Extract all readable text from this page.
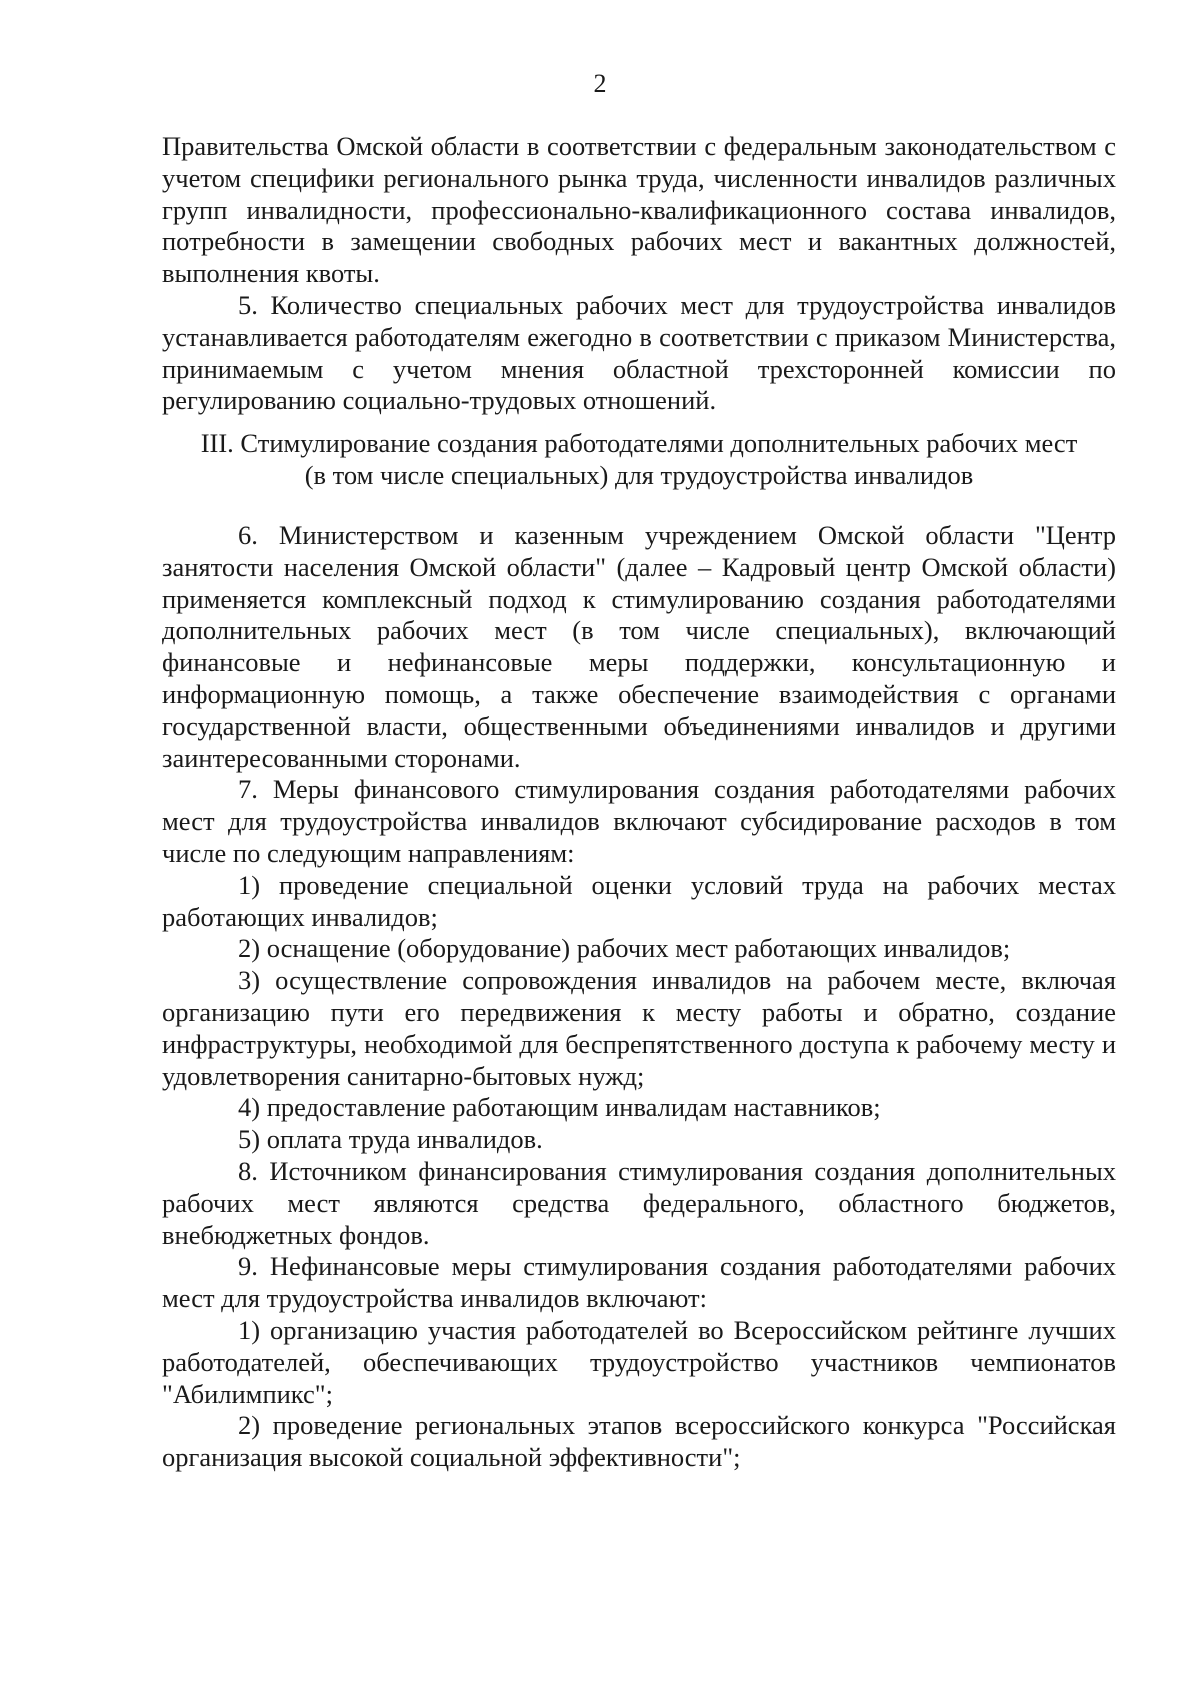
2

Правительства Омской области в соответствии с федеральным законодательством с учетом специфики регионального рынка труда, численности инвалидов различных групп инвалидности, профессионально-квалификационного состава инвалидов, потребности в замещении свободных рабочих мест и вакантных должностей, выполнения квоты.

5. Количество специальных рабочих мест для трудоустройства инвалидов устанавливается работодателям ежегодно в соответствии с приказом Министерства, принимаемым с учетом мнения областной трехсторонней комиссии по регулированию социально-трудовых отношений.

III. Стимулирование создания работодателями дополнительных рабочих мест

(в том числе специальных) для трудоустройства инвалидов

6. Министерством и казенным учреждением Омской области "Центр занятости населения Омской области" (далее – Кадровый центр Омской области) применяется комплексный подход к стимулированию создания работодателями дополнительных рабочих мест (в том числе специальных), включающий финансовые и нефинансовые меры поддержки, консультационную и информационную помощь, а также обеспечение взаимодействия с органами государственной власти, общественными объединениями инвалидов и другими заинтересованными сторонами.

7. Меры финансового стимулирования создания работодателями рабочих мест для трудоустройства инвалидов включают субсидирование расходов в том числе по следующим направлениям:

1) проведение специальной оценки условий труда на рабочих местах работающих инвалидов;

2) оснащение (оборудование) рабочих мест работающих инвалидов;

3) осуществление сопровождения инвалидов на рабочем месте, включая организацию пути его передвижения к месту работы и обратно, создание инфраструктуры, необходимой для беспрепятственного доступа к рабочему месту и удовлетворения санитарно-бытовых нужд;

4) предоставление работающим инвалидам наставников;

5) оплата труда инвалидов.

8. Источником финансирования стимулирования создания дополнительных рабочих мест являются средства федерального, областного бюджетов, внебюджетных фондов.

9. Нефинансовые меры стимулирования создания работодателями рабочих мест для трудоустройства инвалидов включают:

1) организацию участия работодателей во Всероссийском рейтинге лучших работодателей, обеспечивающих трудоустройство участников чемпионатов "Абилимпикс";

2) проведение региональных этапов всероссийского конкурса "Российская организация высокой социальной эффективности";
